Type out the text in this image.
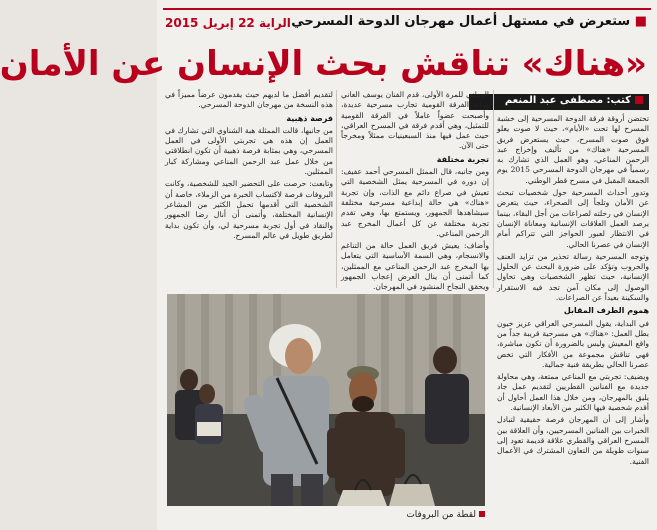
الراية 22 إبريل 2015	■ ستعرض في مستهل أعمال مهرجان الدوحة المسرحي
«هناك» تناقش بحث الإنسان عن الأمان
كتب: مصطفى عبد المنعم

تحتضن أروقة فرقة الدوحة المسرحية إلى خشبة المسرح لها تحت «الأيام»، حيث لا صوت يعلو فوق صوت المسرح، حيث يستعرض فريق المسرحية «هناك» من تأليف وإخراج عبد الرحمن المناعي، وهو العمل الذي تشارك به رسمياً في مهرجان الدوحة المسرحي 2015 يوم الجمعة المقبل في مسرح قطر الوطني.

وتدور أحداث المسرحية حول شخصيات تبحث عن الأمان وتلجأ إلى الصحراء، حيث يتعرض الإنسان في رحلته لصراعات من أجل البقاء، بينما يرصد العمل العلاقات الإنسانية ومعاناة الإنسان في الانتظار لعبور الحواجز التي تتراكم أمام الإنسان في عصرنا الحالي.

وتوجه المسرحية رسالة تحذير من تزايد العنف والحروب وتؤكد على ضرورة البحث عن الحلول الإنسانية، حيث تظهر الشخصيات وهي تحاول الوصول إلى مكان آمن تجد فيه الاستقرار والسكينة بعيداً عن الصراعات.

هموم الطرف المقابل

في البداية، يقول المسرحي العراقي عزيز خيون بطل العمل: «هناك» هي مسرحية قريبة جداً من واقع المعيش وليس بالضرورة أن تكون مباشرة، فهي تناقش مجموعة من الأفكار التي تخص عصرنا الحالي بطريقة فنية جمالية.

ويضيف: تجربتي مع المناعي ممتعة، وهي محاولة جديدة مع الفنانين القطريين لتقديم عمل جاد يليق بالمهرجان، ومن خلال هذا العمل أحاول أن أقدم شخصية فيها الكثير من الأبعاد الإنسانية.

وأشار إلى أن المهرجان فرصة حقيقية لتبادل الخبرات بين الفنانين المسرحيين، وأن العلاقة بين المسرح العراقي والقطري علاقة قديمة تعود إلى سنوات طويلة من التعاون المشترك في الأعمال الفنية.

الوطني للمرة الأولى، قدم الفنان يوسف العاني ورائد الفرقة القومية تجارب مسرحية عديدة، وأصبحت عضواً عاملاً في الفرقة القومية للتمثيل، وهي أقدم فرقة في المسرح العراقي، حيث عمل فيها منذ السبعينيات ممثلاً ومخرجاً حتى الآن.

تجربة مختلفة

ومن جانبه، قال الممثل المسرحي أحمد عفيف: إن دوره في المسرحية يمثل الشخصية التي تعيش في صراع دائم مع الذات، وإن تجربة «هناك» هي حالة إبداعية مسرحية مختلفة سيشاهدها الجمهور، ويستمتع بها، وهي تقدم تجربة مختلفة عن كل أعمال المخرج عبد الرحمن المناعي.

وأضاف: يعيش فريق العمل حالة من التناغم والانسجام، وهي السمة الأساسية التي يتعامل بها المخرج عبد الرحمن المناعي مع الممثلين، كما أتمنى أن ينال العرض إعجاب الجمهور ويحقق النجاح المنشود في المهرجان.

لتقديم أفضل ما لديهم حيث يقدمون عرضاً مميزاً في هذه النسخة من مهرجان الدوحة المسرحي.

فرصة ذهبية

من جانبها، قالت الممثلة هبة الشناوي التي تشارك في العمل إن هذه هي تجربتي الأولى في العمل المسرحي، وهي بمثابة فرصة ذهبية أن تكون انطلاقتي من خلال عمل عبد الرحمن المناعي ومشاركة كبار الممثلين.

وتابعت: حرصت على التحضير الجيد للشخصية، وكانت البروفات فرصة لاكتساب الخبرة من الزملاء، خاصة أن الشخصية التي أقدمها تحمل الكثير من المشاعر الإنسانية المختلفة، وأتمنى أن أنال رضا الجمهور والنقاد في أول تجربة مسرحية لي، وأن تكون بداية لطريق طويل في عالم المسرح.

لقطة من البروفات
